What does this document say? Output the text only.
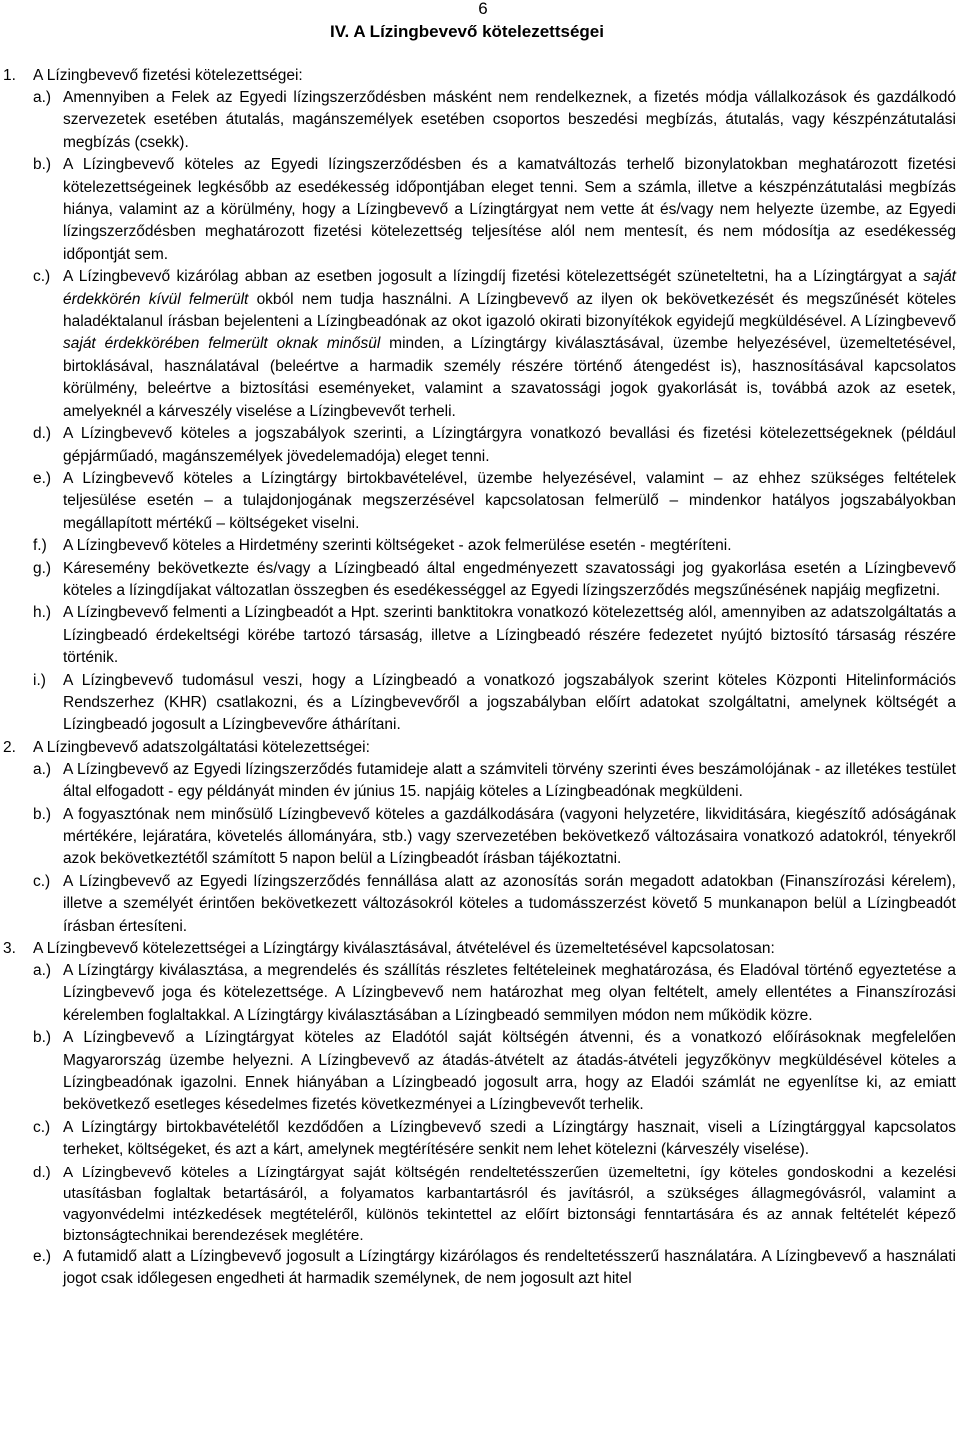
6
IV. A Lízingbevevő kötelezettségei

1. A Lízingbevevő fizetési kötelezettségei:

a.) Amennyiben a Felek az Egyedi lízingszerződésben másként nem rendelkeznek, a fizetés módja vállalkozások és gazdálkodó szervezetek esetében átutalás, magánszemélyek esetében csoportos beszedési megbízás, átutalás, vagy készpénzátutalási megbízás (csekk).

b.) A Lízingbevevő köteles az Egyedi lízingszerződésben és a kamatváltozás terhelő bizonylatokban meghatározott fizetési kötelezettségeinek legkésőbb az esedékesség időpontjában eleget tenni. Sem a számla, illetve a készpénzátutalási megbízás hiánya, valamint az a körülmény, hogy a Lízingbevevő a Lízingtárgyat nem vette át és/vagy nem helyezte üzembe, az Egyedi lízingszerződésben meghatározott fizetési kötelezettség teljesítése alól nem mentesít, és nem módosítja az esedékesség időpontját sem.

c.) A Lízingbevevő kizárólag abban az esetben jogosult a lízingdíj fizetési kötelezettségét szüneteltetni, ha a Lízingtárgyat a saját érdekkörén kívül felmerült okból nem tudja használni. A Lízingbevevő az ilyen ok bekövetkezését és megszűnését köteles haladéktalanul írásban bejelenteni a Lízingbeadónak az okot igazoló okirati bizonyítékok egyidejű megküldésével. A Lízingbevevő saját érdekkörében felmerült oknak minősül minden, a Lízingtárgy kiválasztásával, üzembe helyezésével, üzemeltetésével, birtoklásával, használatával (beleértve a harmadik személy részére történő átengedést is), hasznosításával kapcsolatos körülmény, beleértve a biztosítási eseményeket, valamint a szavatossági jogok gyakorlását is, továbbá azok az esetek, amelyeknél a kárveszély viselése a Lízingbevevőt terheli.

d.) A Lízingbevevő köteles a jogszabályok szerinti, a Lízingtárgyra vonatkozó bevallási és fizetési kötelezettségeknek (például gépjárműadó, magánszemélyek jövedelemadója) eleget tenni.

e.) A Lízingbevevő köteles a Lízingtárgy birtokbavételével, üzembe helyezésével, valamint – az ehhez szükséges feltételek teljesülése esetén – a tulajdonjogának megszerzésével kapcsolatosan felmerülő – mindenkor hatályos jogszabályokban megállapított mértékű – költségeket viselni.

f.) A Lízingbevevő köteles a Hirdetmény szerinti költségeket - azok felmerülése esetén - megtéríteni.

g.) Káresemény bekövetkezte és/vagy a Lízingbeadó által engedményezett szavatossági jog gyakorlása esetén a Lízingbevevő köteles a lízingdíjakat változatlan összegben és esedékességgel az Egyedi lízingszerződés megszűnésének napjáig megfizetni.

h.) A Lízingbevevő felmenti a Lízingbeadót a Hpt. szerinti banktitokra vonatkozó kötelezettség alól, amennyiben az adatszolgáltatás a Lízingbeadó érdekeltségi körébe tartozó társaság, illetve a Lízingbeadó részére fedezetet nyújtó biztosító társaság részére történik.

i.) A Lízingbevevő tudomásul veszi, hogy a Lízingbeadó a vonatkozó jogszabályok szerint köteles Központi Hitelinformációs Rendszerhez (KHR) csatlakozni, és a Lízingbevevőről a jogszabályban előírt adatokat szolgáltatni, amelynek költségét a Lízingbeadó jogosult a Lízingbevevőre áthárítani.

2. A Lízingbevevő adatszolgáltatási kötelezettségei:

a.) A Lízingbevevő az Egyedi lízingszerződés futamideje alatt a számviteli törvény szerinti éves beszámolójának - az illetékes testület által elfogadott - egy példányát minden év június 15. napjáig köteles a Lízingbeadónak megküldeni.

b.) A fogyasztónak nem minősülő Lízingbevevő köteles a gazdálkodására (vagyoni helyzetére, likviditására, kiegészítő adóságának mértékére, lejáratára, követelés állományára, stb.) vagy szervezetében bekövetkező változásaira vonatkozó adatokról, tényekről azok bekövetkeztétől számított 5 napon belül a Lízingbeadót írásban tájékoztatni.

c.) A Lízingbevevő az Egyedi lízingszerződés fennállása alatt az azonosítás során megadott adatokban (Finanszírozási kérelem), illetve a személyét érintően bekövetkezett változásokról köteles a tudomásszerzést követő 5 munkanapon belül a Lízingbeadót írásban értesíteni.

3. A Lízingbevevő kötelezettségei a Lízingtárgy kiválasztásával, átvételével és üzemeltetésével kapcsolatosan:

a.) A Lízingtárgy kiválasztása, a megrendelés és szállítás részletes feltételeinek meghatározása, és Eladóval történő egyeztetése a Lízingbevevő joga és kötelezettsége. A Lízingbevevő nem határozhat meg olyan feltételt, amely ellentétes a Finanszírozási kérelemben foglaltakkal. A Lízingtárgy kiválasztásában a Lízingbeadó semmilyen módon nem működik közre.

b.) A Lízingbevevő a Lízingtárgyat köteles az Eladótól saját költségén átvenni, és a vonatkozó előírásoknak megfelelően Magyarország üzembe helyezni. A Lízingbevevő az átadás-átvételt az átadás-átvételi jegyzőkönyv megküldésével köteles a Lízingbeadónak igazolni. Ennek hiányában a Lízingbeadó jogosult arra, hogy az Eladói számlát ne egyenlítse ki, az emiatt bekövetkező esetleges késedelmes fizetés következményei a Lízingbevevőt terhelik.

c.) A Lízingtárgy birtokbavételétől kezdődően a Lízingbevevő szedi a Lízingtárgy hasznait, viseli a Lízingtárggyal kapcsolatos terheket, költségeket, és azt a kárt, amelynek megtérítésére senkit nem lehet kötelezni (kárveszély viselése).

d.) A Lízingbevevő köteles a Lízingtárgyat saját költségén rendeltetésszerűen üzemeltetni, így köteles gondoskodni a kezelési utasításban foglaltak betartásáról, a folyamatos karbantartásról és javításról, a szükséges állagmegóvásról, valamint a vagyonvédelmi intézkedések megtételéről, különös tekintettel az előírt biztonsági fenntartására és az annak feltételét képező biztonságtechnikai berendezések meglétére.

e.) A futamidő alatt a Lízingbevevő jogosult a Lízingtárgy kizárólagos és rendeltetésszerű használatára. A Lízingbevevő a használati jogot csak időlegesen engedheti át harmadik személynek, de nem jogosult azt hitel
